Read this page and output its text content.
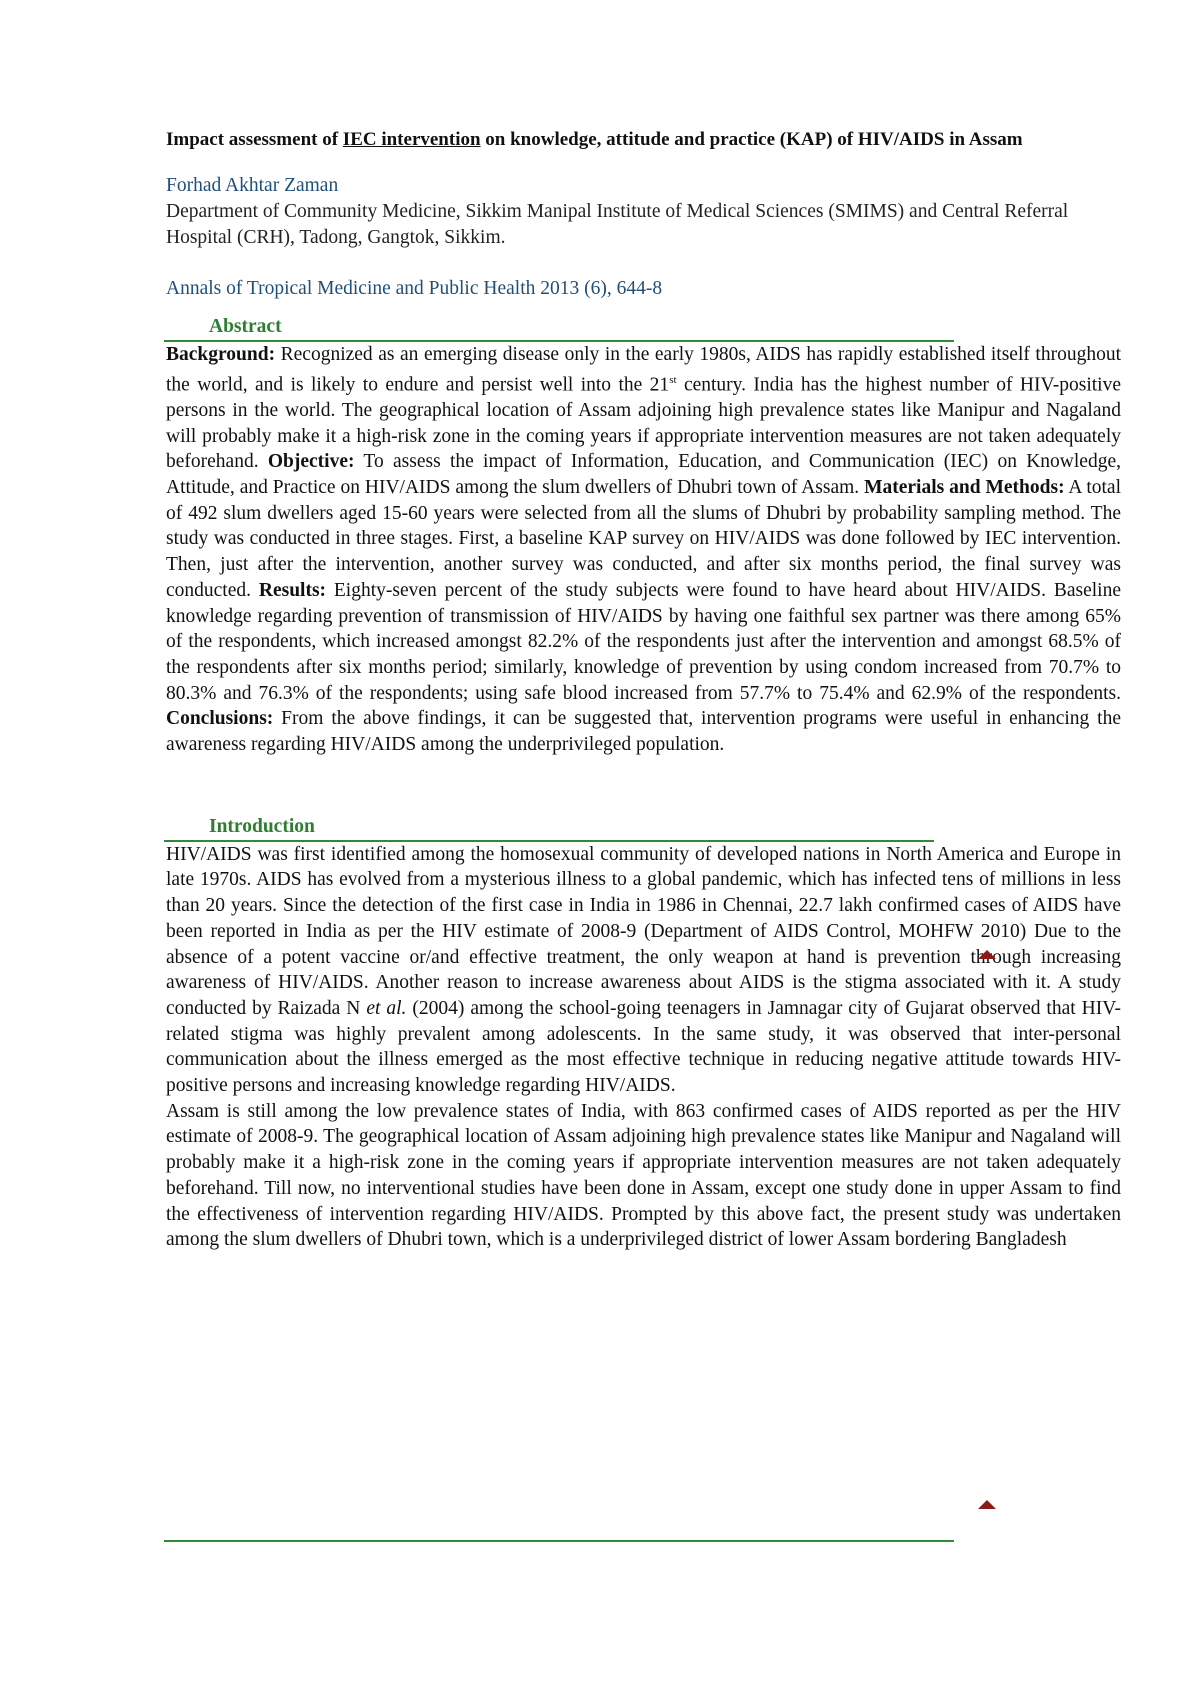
Impact assessment of IEC intervention on knowledge, attitude and practice (KAP) of HIV/AIDS in Assam
Forhad Akhtar Zaman
Department of Community Medicine, Sikkim Manipal Institute of Medical Sciences (SMIMS) and Central Referral Hospital (CRH), Tadong, Gangtok, Sikkim.
Annals of Tropical Medicine and Public Health 2013 (6), 644-8
Abstract

Background: Recognized as an emerging disease only in the early 1980s, AIDS has rapidly established itself throughout the world, and is likely to endure and persist well into the 21st century. India has the highest number of HIV-positive persons in the world. The geographical location of Assam adjoining high prevalence states like Manipur and Nagaland will probably make it a high-risk zone in the coming years if appropriate intervention measures are not taken adequately beforehand. Objective: To assess the impact of Information, Education, and Communication (IEC) on Knowledge, Attitude, and Practice on HIV/AIDS among the slum dwellers of Dhubri town of Assam. Materials and Methods: A total of 492 slum dwellers aged 15-60 years were selected from all the slums of Dhubri by probability sampling method. The study was conducted in three stages. First, a baseline KAP survey on HIV/AIDS was done followed by IEC intervention. Then, just after the intervention, another survey was conducted, and after six months period, the final survey was conducted. Results: Eighty-seven percent of the study subjects were found to have heard about HIV/AIDS. Baseline knowledge regarding prevention of transmission of HIV/AIDS by having one faithful sex partner was there among 65% of the respondents, which increased amongst 82.2% of the respondents just after the intervention and amongst 68.5% of the respondents after six months period; similarly, knowledge of prevention by using condom increased from 70.7% to 80.3% and 76.3% of the respondents; using safe blood increased from 57.7% to 75.4% and 62.9% of the respondents. Conclusions: From the above findings, it can be suggested that, intervention programs were useful in enhancing the awareness regarding HIV/AIDS among the underprivileged population.

Introduction

HIV/AIDS was first identified among the homosexual community of developed nations in North America and Europe in late 1970s. AIDS has evolved from a mysterious illness to a global pandemic, which has infected tens of millions in less than 20 years. Since the detection of the first case in India in 1986 in Chennai, 22.7 lakh confirmed cases of AIDS have been reported in India as per the HIV estimate of 2008-9 (Department of AIDS Control, MOHFW 2010) Due to the absence of a potent vaccine or/and effective treatment, the only weapon at hand is prevention through increasing awareness of HIV/AIDS. Another reason to increase awareness about AIDS is the stigma associated with it. A study conducted by Raizada N et al. (2004) among the school-going teenagers in Jamnagar city of Gujarat observed that HIV-related stigma was highly prevalent among adolescents. In the same study, it was observed that inter-personal communication about the illness emerged as the most effective technique in reducing negative attitude towards HIV-positive persons and increasing knowledge regarding HIV/AIDS.

Assam is still among the low prevalence states of India, with 863 confirmed cases of AIDS reported as per the HIV estimate of 2008-9. The geographical location of Assam adjoining high prevalence states like Manipur and Nagaland will probably make it a high-risk zone in the coming years if appropriate intervention measures are not taken adequately beforehand. Till now, no interventional studies have been done in Assam, except one study done in upper Assam to find the effectiveness of intervention regarding HIV/AIDS. Prompted by this above fact, the present study was undertaken among the slum dwellers of Dhubri town, which is a underprivileged district of lower Assam bordering Bangladesh
